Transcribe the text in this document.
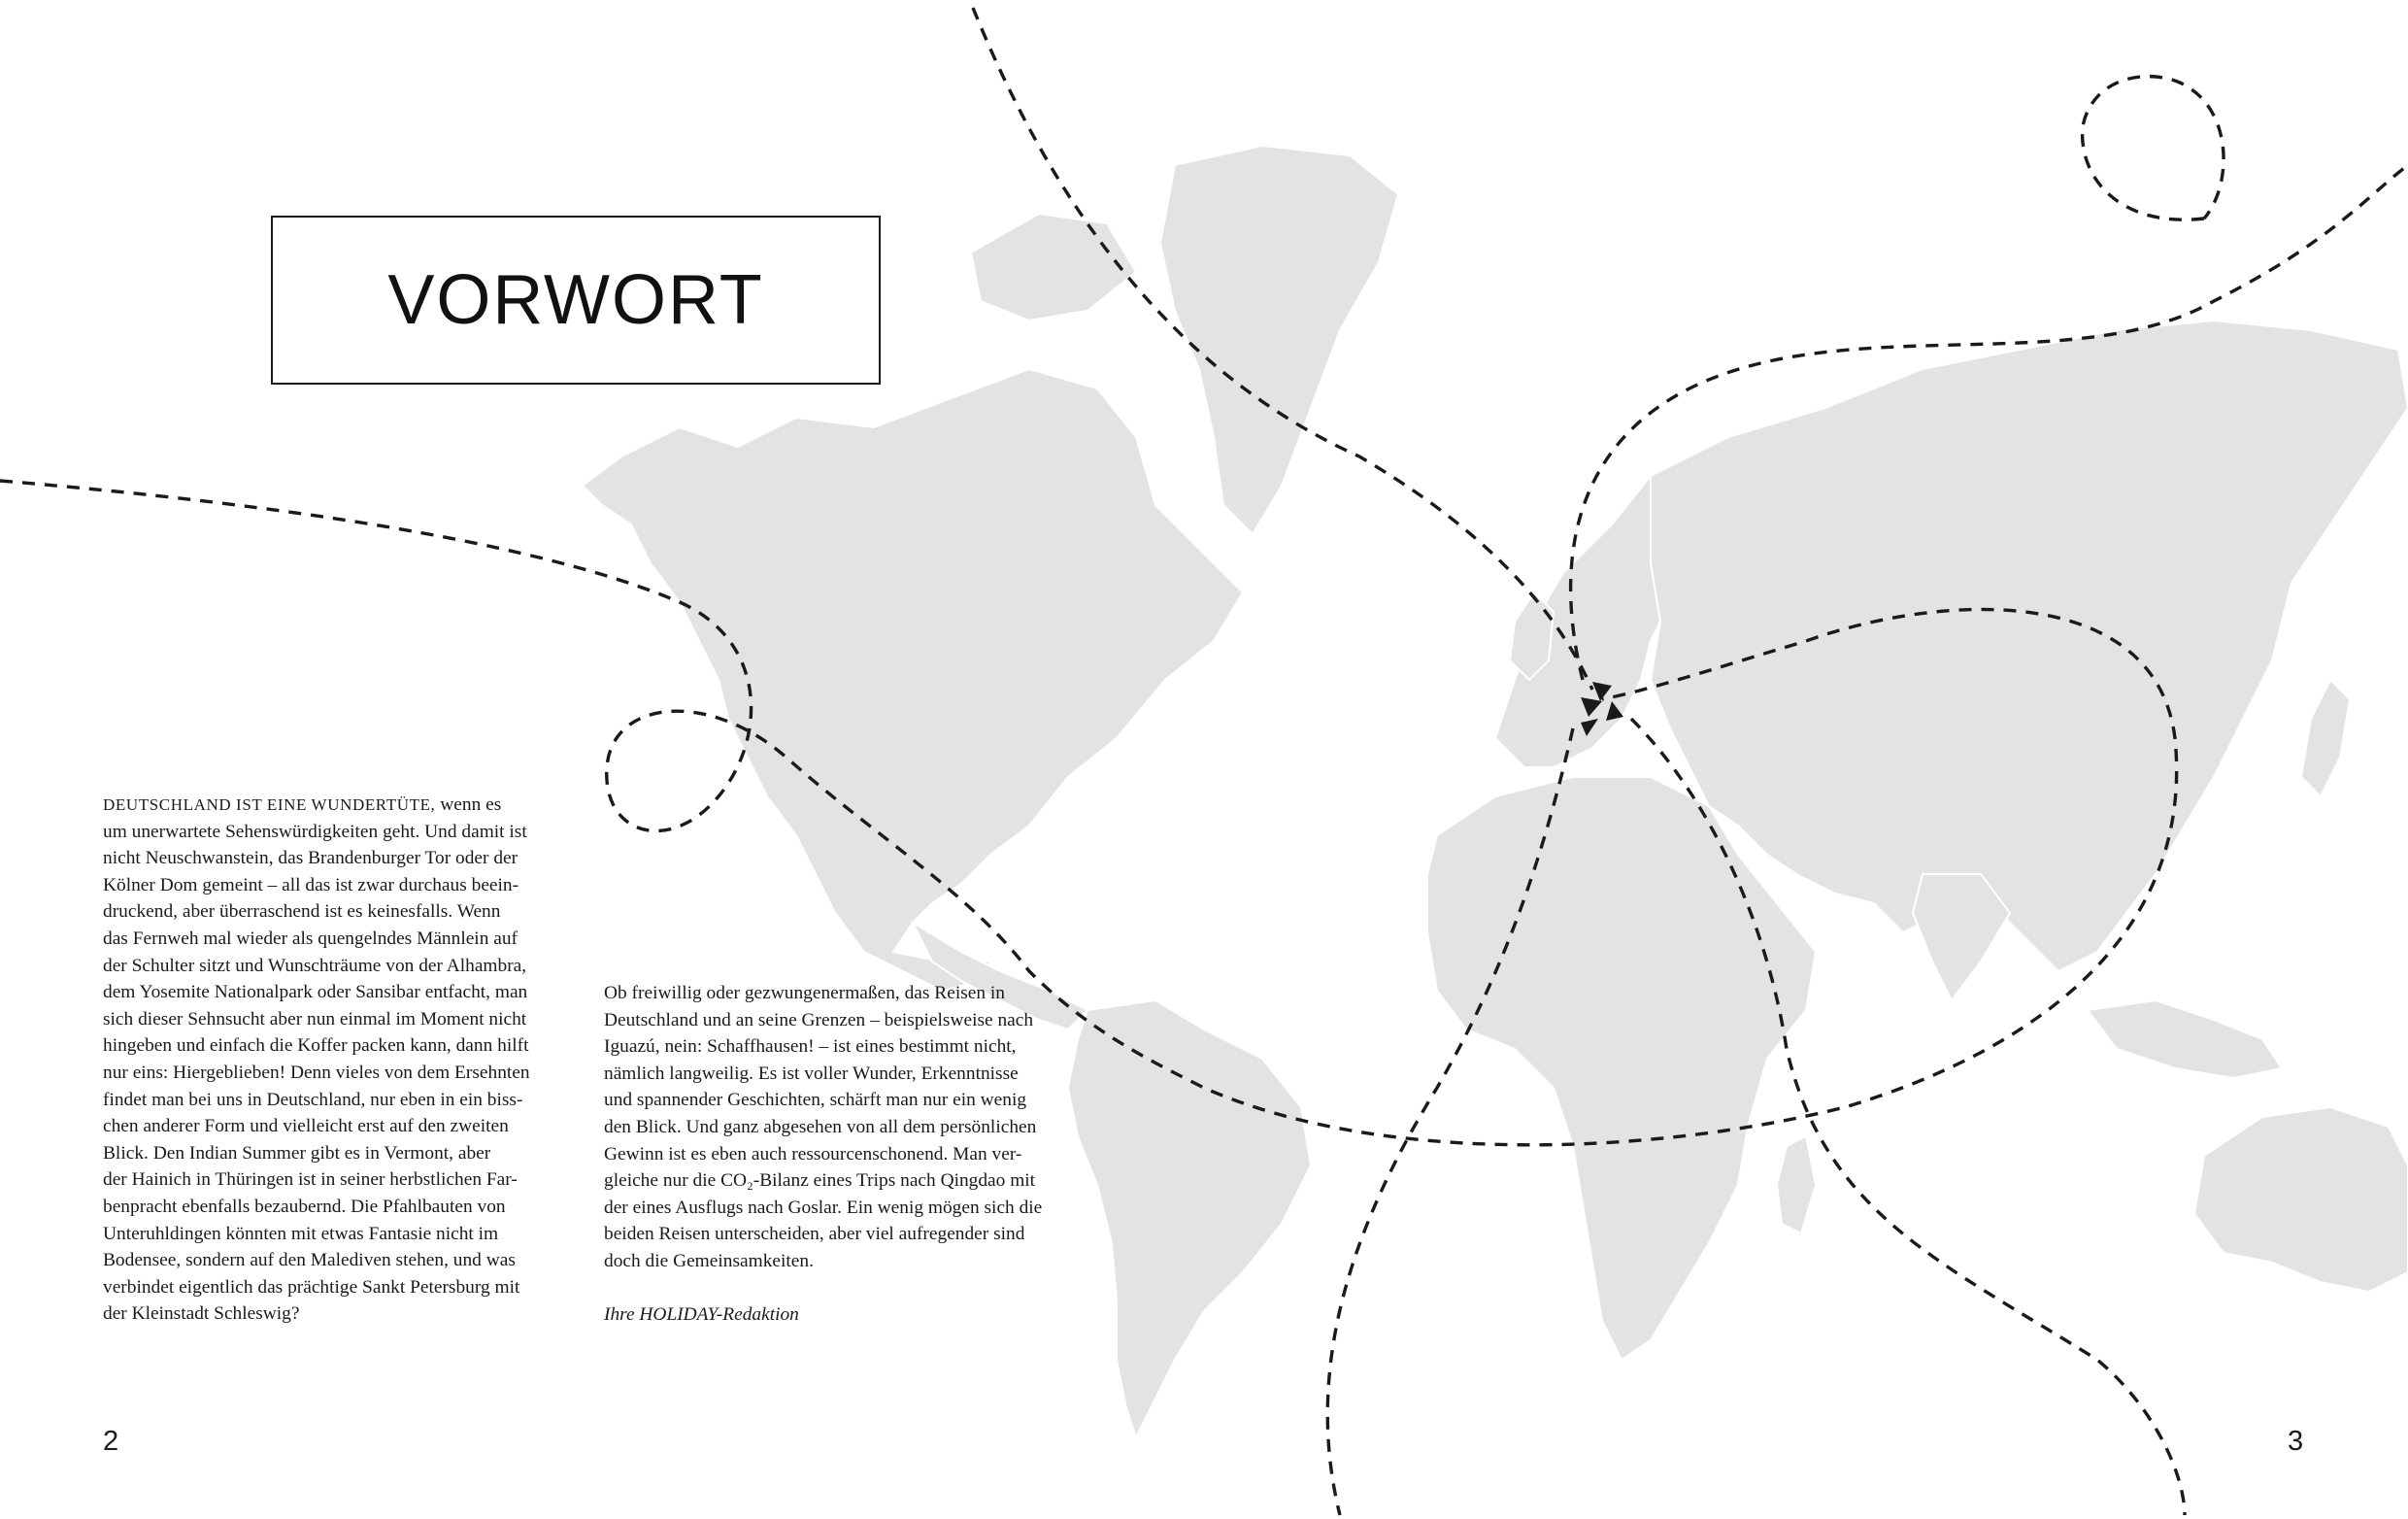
VORWORT

DEUTSCHLAND IST EINE WUNDERTÜTE, wenn es
um unerwartete Sehenswürdigkeiten geht. Und damit ist
nicht Neuschwanstein, das Brandenburger Tor oder der
Kölner Dom gemeint – all das ist zwar durchaus beein-
druckend, aber überraschend ist es keinesfalls. Wenn
das Fernweh mal wieder als quengelndes Männlein auf
der Schulter sitzt und Wunschträume von der Alhambra,
dem Yosemite Nationalpark oder Sansibar entfacht, man
sich dieser Sehnsucht aber nun einmal im Moment nicht
hingeben und einfach die Koffer packen kann, dann hilft
nur eins: Hiergeblieben! Denn vieles von dem Ersehnten
findet man bei uns in Deutschland, nur eben in ein biss-
chen anderer Form und vielleicht erst auf den zweiten
Blick. Den Indian Summer gibt es in Vermont, aber
der Hainich in Thüringen ist in seiner herbstlichen Far-
benpracht ebenfalls bezaubernd. Die Pfahlbauten von
Unteruhldingen könnten mit etwas Fantasie nicht im
Bodensee, sondern auf den Malediven stehen, und was
verbindet eigentlich das prächtige Sankt Petersburg mit
der Kleinstadt Schleswig?

Ob freiwillig oder gezwungenermaßen, das Reisen in
Deutschland und an seine Grenzen – beispielsweise nach
Iguazú, nein: Schaffhausen! – ist eines bestimmt nicht,
nämlich langweilig. Es ist voller Wunder, Erkenntnisse
und spannender Geschichten, schärft man nur ein wenig
den Blick. Und ganz abgesehen von all dem persönlichen
Gewinn ist es eben auch ressourcenschonend. Man ver-
gleiche nur die CO₂-Bilanz eines Trips nach Qingdao mit
der eines Ausflugs nach Goslar. Ein wenig mögen sich die
beiden Reisen unterscheiden, aber viel aufregender sind
doch die Gemeinsamkeiten.

Ihre HOLIDAY-Redaktion

2	3
